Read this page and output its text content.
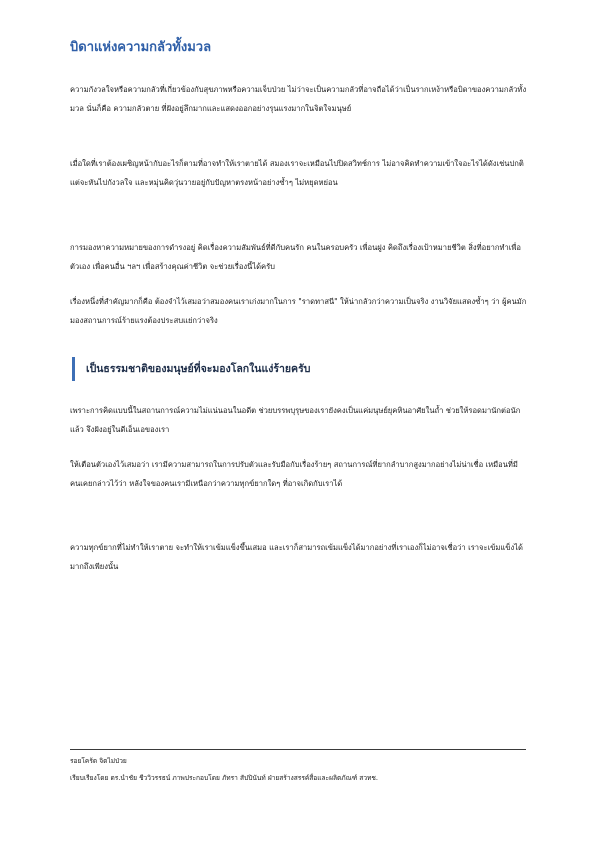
บิดาแห่งความกลัวทั้งมวล
ความกังวลใจหรือความกลัวที่เกี่ยวข้องกับสุขภาพหรือความเจ็บป่วย ไม่ว่าจะเป็นความกลัวที่อาจถือได้ว่าเป็นรากเหง้าหรือบิดาของความกลัวทั้งมวล นั่นก็คือ ความกลัวตาย ที่ฝังอยู่ลึกมากและแสดงออกอย่างรุนแรงมากในจิตใจมนุษย์
เมื่อใดที่เราต้องเผชิญหน้ากับอะไรก็ตามที่อาจทำให้เราตายได้ สมองเราจะเหมือนไปปิดสวิทช์การ ไม่อาจคิดทำความเข้าใจอะไรได้ดังเช่นปกติ แต่จะหันไปกังวลใจ และหมุ่นคิดวุ่นวายอยู่กับปัญหาตรงหน้าอย่างซ้ำๆ ไม่หยุดหย่อน
การมองหาความหมายของการดำรงอยู่ คิดเรื่องความสัมพันธ์ที่ดีกับคนรัก คนในครอบครัว เพื่อนฝูง คิดถึงเรื่องเป้าหมายชีวิต สิ่งที่อยากทำเพื่อตัวเอง เพื่อคนอื่น ฯลฯ เพื่อสร้างคุณค่าชีวิต จะช่วยเรื่องนี้ได้ครับ
เรื่องหนึ่งที่สำคัญมากก็คือ ต้องจำไว้เสมอว่าสมองคนเราเก่งมากในการ "ราดทาสนี" ให้น่ากลัวกว่าความเป็นจริง งานวิจัยแสดงซ้ำๆ ว่า ผู้คนมักมองสถานการณ์ร้ายแรงต้องประสบแย่กว่าจริง
เป็นธรรมชาติของมนุษย์ที่จะมองโลกในแง่ร้ายครับ
เพราะการคิดแบบนี้ในสถานการณ์ความไม่แน่นอนในอดีต ช่วยบรรพบุรุษของเรายังคงเป็นแค่มนุษย์ยุคหินอาศัยในถ้ำ ช่วยให้รอดมานักต่อนักแล้ว จึงฝังอยู่ในดีเอ็นเอของเรา
ให้เตือนตัวเองไว้เสมอว่า เรามีความสามารถในการปรับตัวและรับมือกับเรื่องร้ายๆ สถานการณ์ที่ยากลำบากสูงมากอย่างไม่น่าเชื่อ เหมือนที่มีคนเคยกล่าวไว้ว่า หลังใจของคนเรามีเหนือกว่าความทุกข์ยากใดๆ ที่อาจเกิดกับเราได้
ความทุกข์ยากที่ไม่ทำให้เราตาย จะทำให้เราเข้มแข็งขึ้นเสมอ และเราก็สามารถเข้มแข็งได้มากอย่างที่เราเองก็ไม่อาจเชื่อว่า เราจะเข้มแข็งได้มากถึงเพียงนั้น
รอยโคร้ด จิตไม่ป่วย
เรียบเรียงโดย ดร.นำชัย ชีววิวรรธน์ ภาพประกอบโดย ภัทรา สัปปินันท์ ฝ่ายสร้างสรรค์สื่อและผลิตภัณฑ์ สวทช.
